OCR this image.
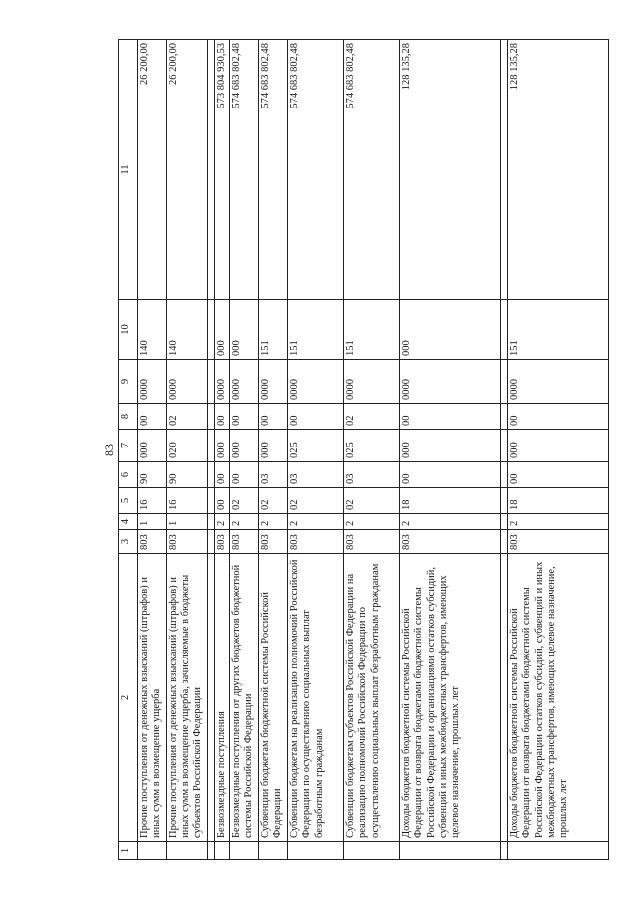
83
1	2	3	4	5	6	7	8	9	10	11
	Прочие поступления от денежных взысканий (штрафов) и иных сумм в возмещение ущерба	803	1	16	90	000	00	0000	140	26 200,00
	Прочие поступления от денежных взысканий (штрафов) и иных сумм в возмещение ущерба, зачисляемые в бюджеты субъектов Российской Федерации	803	1	16	90	020	02	0000	140	26 200,00

	Безвозмездные поступления	803	2	00	00	000	00	0000	000	573 804 930,53
	Безвозмездные поступления от других бюджетов бюджетной системы Российской Федерации	803	2	02	00	000	00	0000	000	574 683 802,48
	Субвенции бюджетам бюджетной системы Российской Федерации	803	2	02	03	000	00	0000	151	574 683 802,48
	Субвенции бюджетам на реализацию полномочий Российской Федерации по осуществлению социальных выплат безработным гражданам	803	2	02	03	025	00	0000	151	574 683 802,48
	Субвенции бюджетам субъектов Российской Федерации на реализацию полномочий Российской Федерации по осуществлению социальных выплат безработным гражданам	803	2	02	03	025	02	0000	151	574 683 802,48
	Доходы бюджетов бюджетной системы Российской Федерации от возврата бюджетами бюджетной системы Российской Федерации и организациями остатков субсидий, субвенций и иных межбюджетных трансфертов, имеющих целевое назначение, прошлых лет	803	2	18	00	000	00	0000	000	128 135,28

	Доходы бюджетов бюджетной системы Российской Федерации от возврата бюджетами бюджетной системы Российской Федерации остатков субсидий, субвенций и иных межбюджетных трансфертов, имеющих целевое назначение, прошлых лет	803	2	18	00	000	00	0000	151	128 135,28
